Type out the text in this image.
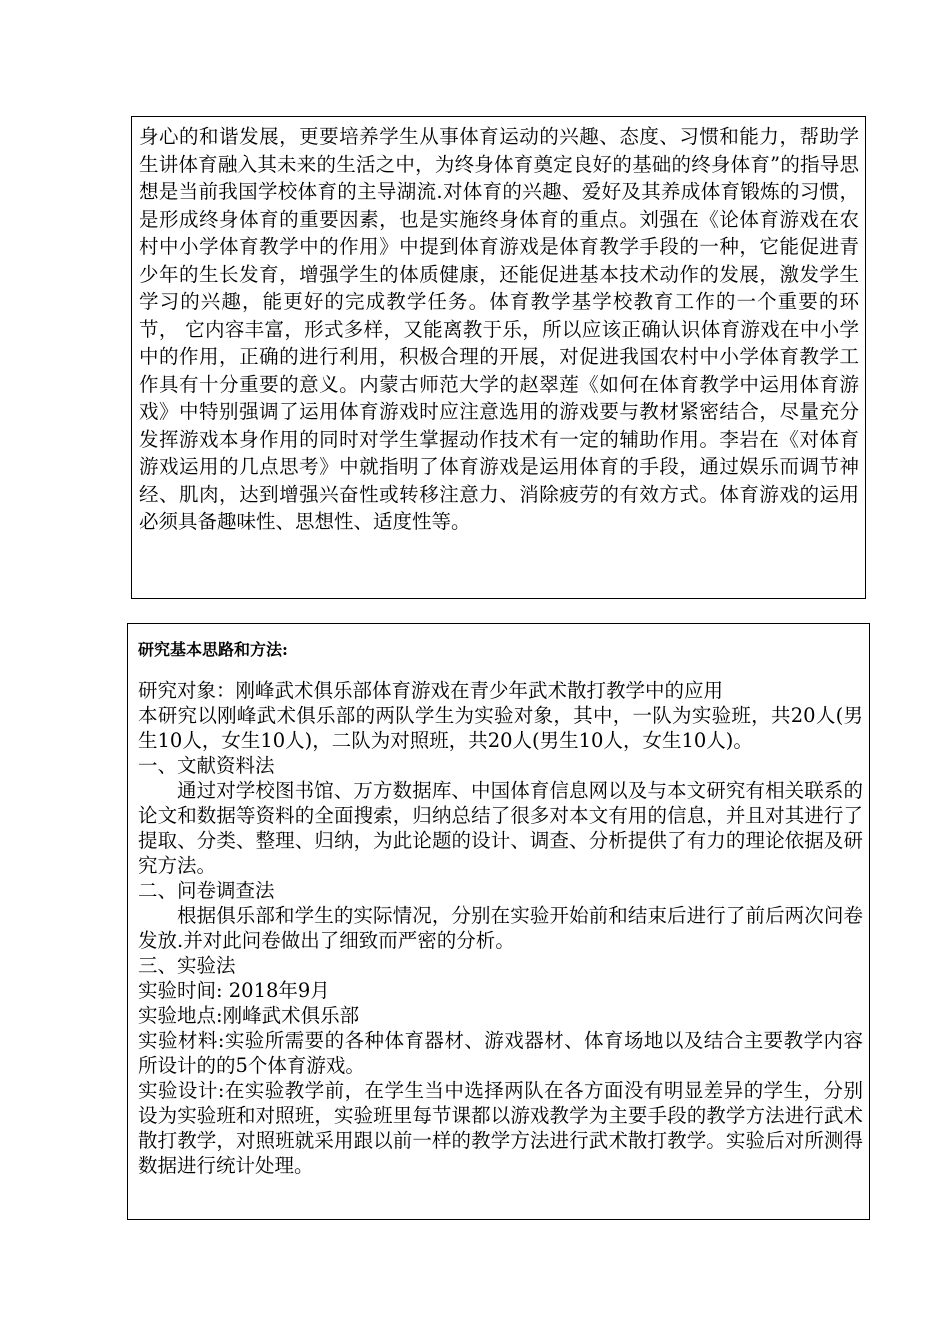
身心的和谐发展，更要培养学生从事体育运动的兴趣、态度、习惯和能力，帮助学生讲体育融入其未来的生活之中，为终身体育奠定良好的基础的终身体育”的指导思想是当前我国学校体育的主导湖流.对体育的兴趣、爱好及其养成体育锻炼的习惯，是形成终身体育的重要因素，也是实施终身体育的重点。刘强在《论体育游戏在农村中小学体育教学中的作用》中提到体育游戏是体育教学手段的一种，它能促进青少年的生长发育，增强学生的体质健康，还能促进基本技术动作的发展，激发学生学习的兴趣，能更好的完成教学任务。体育教学基学校教育工作的一个重要的环节， 它内容丰富，形式多样，又能离教于乐，所以应该正确认识体育游戏在中小学中的作用，正确的进行利用，积极合理的开展，对促进我国农村中小学体育教学工作具有十分重要的意义。内蒙古师范大学的赵翠莲《如何在体育教学中运用体育游戏》中特别强调了运用体育游戏时应注意选用的游戏要与教材紧密结合，尽量充分发挥游戏本身作用的同时对学生掌握动作技术有一定的辅助作用。李岩在《对体育游戏运用的几点思考》中就指明了体育游戏是运用体育的手段，通过娱乐而调节神经、肌肉，达到增强兴奋性或转移注意力、消除疲劳的有效方式。体育游戏的运用必须具备趣味性、思想性、适度性等。

研究基本思路和方法:

研究对象：刚峰武术俱乐部体育游戏在青少年武术散打教学中的应用

本研究以刚峰武术俱乐部的两队学生为实验对象，其中，一队为实验班，共20人(男生10人，女生10人)，二队为对照班，共20人(男生10人，女生10人)。

一、文献资料法

通过对学校图书馆、万方数据库、中国体育信息网以及与本文研究有相关联系的论文和数据等资料的全面搜索，归纳总结了很多对本文有用的信息，并且对其进行了提取、分类、整理、归纳，为此论题的设计、调查、分析提供了有力的理论依据及研究方法。

二、问卷调查法

根据俱乐部和学生的实际情况，分别在实验开始前和结束后进行了前后两次问卷发放.并对此问卷做出了细致而严密的分析。

三、实验法

实验时间: 2018年9月

实验地点:刚峰武术俱乐部

实验材料:实验所需要的各种体育器材、游戏器材、体育场地以及结合主要教学内容所设计的的5个体育游戏。

实验设计:在实验教学前，在学生当中选择两队在各方面没有明显差异的学生，分别设为实验班和对照班，实验班里每节课都以游戏教学为主要手段的教学方法进行武术散打教学，对照班就采用跟以前一样的教学方法进行武术散打教学。实验后对所测得数据进行统计处理。
